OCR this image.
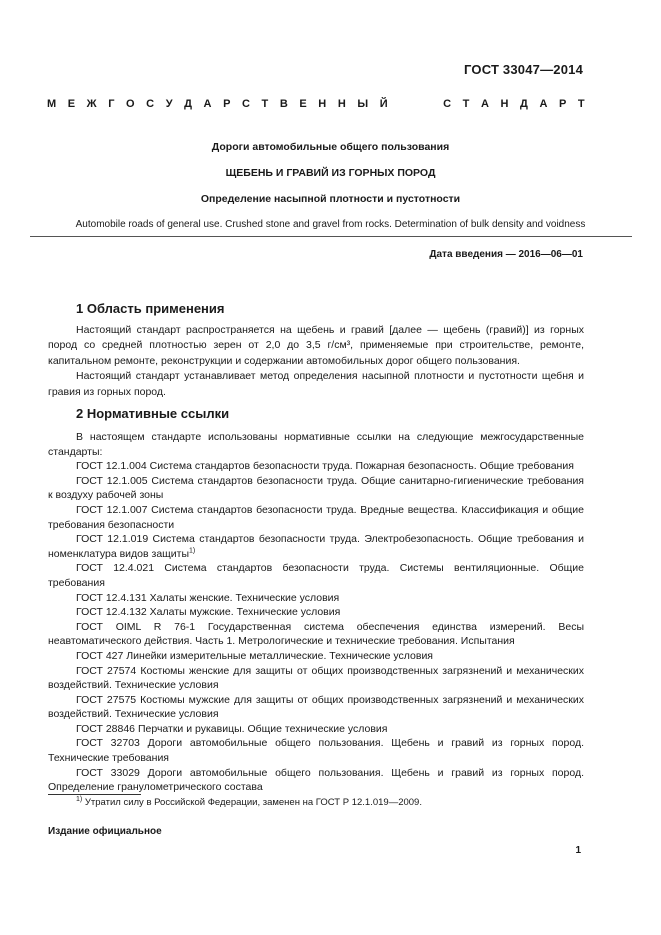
ГОСТ 33047—2014
М Е Ж Г О С У Д А Р С Т В Е Н Н Ы Й

	С Т А Н Д А Р Т
Дороги автомобильные общего пользования
ЩЕБЕНЬ И ГРАВИЙ ИЗ ГОРНЫХ ПОРОД
Определение насыпной плотности и пустотности
Automobile roads of general use. Crushed stone and gravel from rocks. Determination of bulk density and voidness
Дата введения — 2016—06—01
1 Область применения

Настоящий стандарт распространяется на щебень и гравий [далее — щебень (гравий)] из горных пород со средней плотностью зерен от 2,0 до 3,5 г/см³, применяемые при строительстве, ремонте, капитальном ремонте, реконструкции и содержании автомобильных дорог общего пользования.

Настоящий стандарт устанавливает метод определения насыпной плотности и пустотности щебня и гравия из горных пород.

2 Нормативные ссылки

В настоящем стандарте использованы нормативные ссылки на следующие межгосударственные стандарты:

ГОСТ 12.1.004 Система стандартов безопасности труда. Пожарная безопасность. Общие требования

ГОСТ 12.1.005 Система стандартов безопасности труда. Общие санитарно-гигиенические требования к воздуху рабочей зоны

ГОСТ 12.1.007 Система стандартов безопасности труда. Вредные вещества. Классификация и общие требования безопасности

ГОСТ 12.1.019 Система стандартов безопасности труда. Электробезопасность. Общие требования и номенклатура видов защиты$^{1)}$

ГОСТ 12.4.021 Система стандартов безопасности труда. Системы вентиляционные. Общие требования

ГОСТ 12.4.131 Халаты женские. Технические условия

ГОСТ 12.4.132 Халаты мужские. Технические условия

ГОСТ OIML R 76-1 Государственная система обеспечения единства измерений. Весы неавтоматического действия. Часть 1. Метрологические и технические требования. Испытания

ГОСТ 427 Линейки измерительные металлические. Технические условия

ГОСТ 27574 Костюмы женские для защиты от общих производственных загрязнений и механических воздействий. Технические условия

ГОСТ 27575 Костюмы мужские для защиты от общих производственных загрязнений и механических воздействий. Технические условия

ГОСТ 28846 Перчатки и рукавицы. Общие технические условия

ГОСТ 32703 Дороги автомобильные общего пользования. Щебень и гравий из горных пород. Технические требования

ГОСТ 33029 Дороги автомобильные общего пользования. Щебень и гравий из горных пород. Определение гранулометрического состава

$^{1)}$ Утратил силу в Российской Федерации, заменен на ГОСТ Р 12.1.019—2009.
Издание официальное
1
